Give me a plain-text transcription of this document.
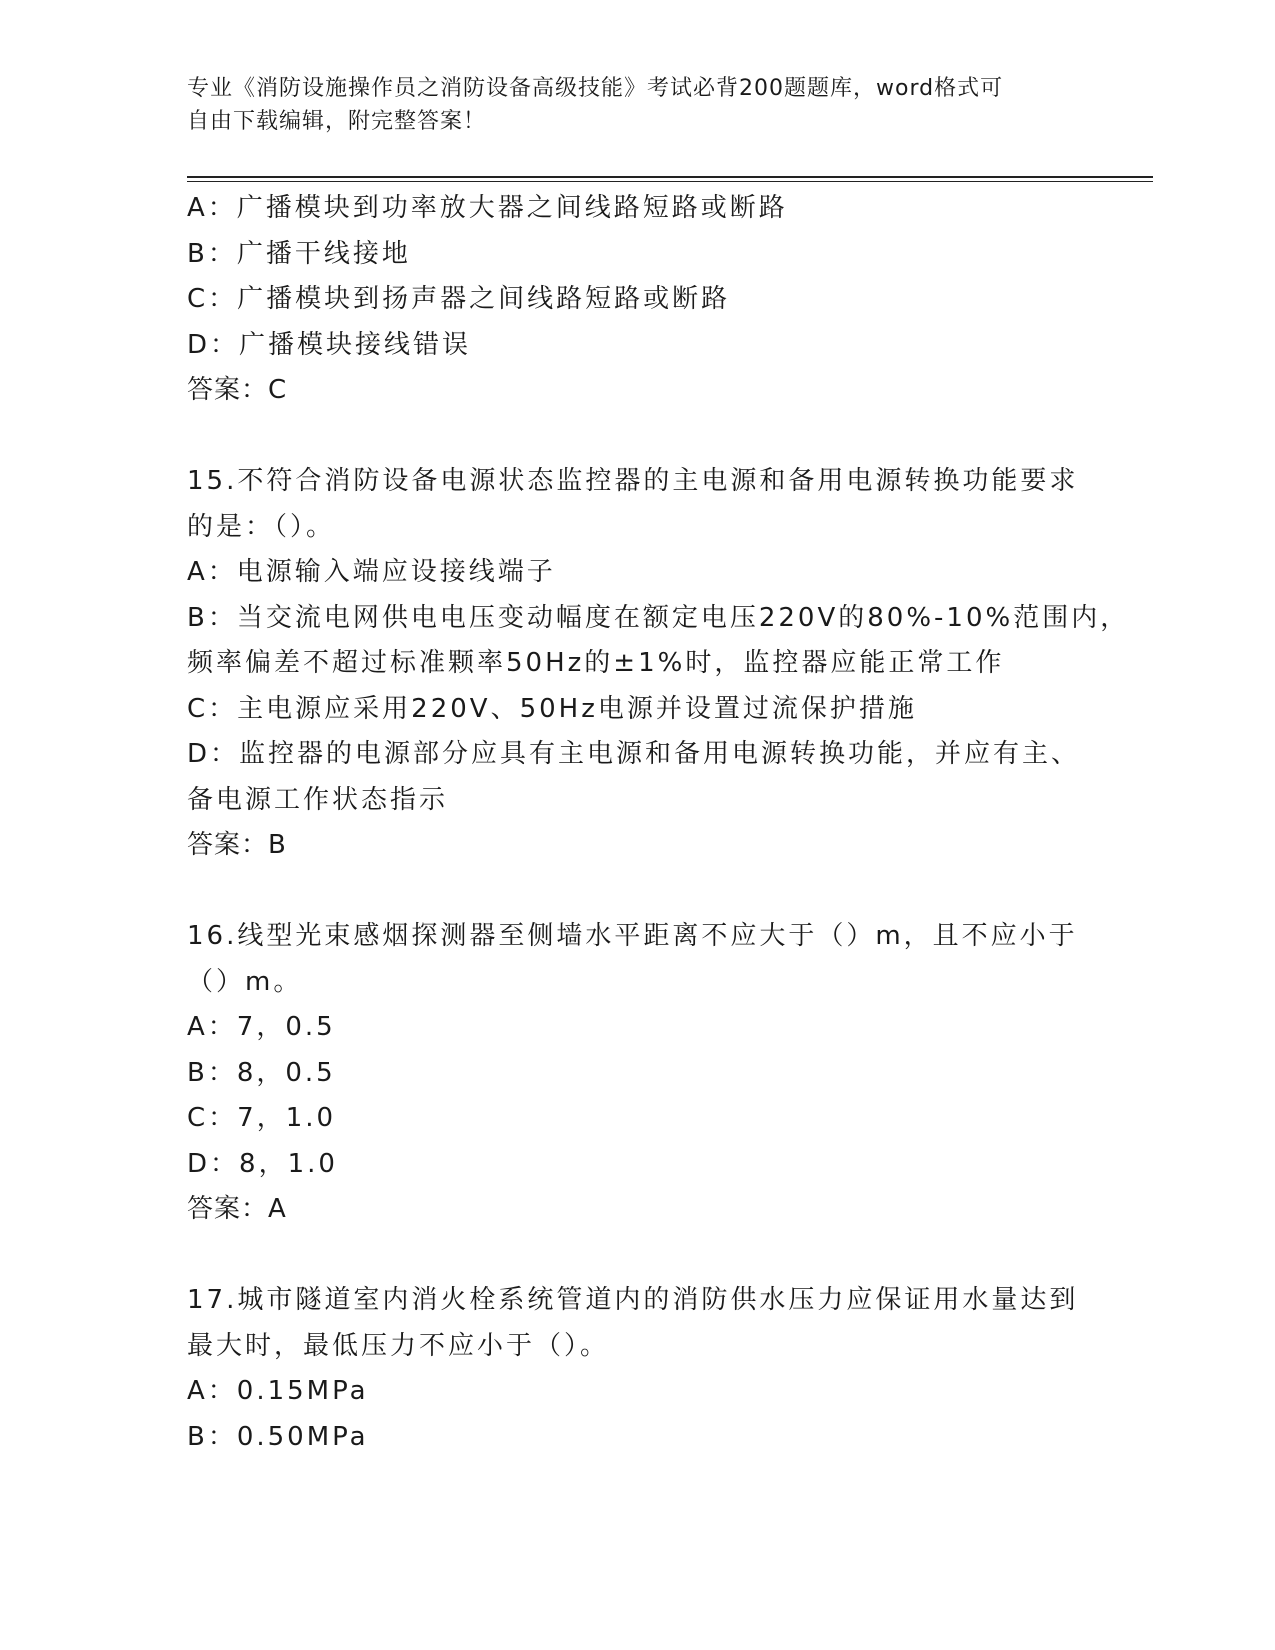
专业《消防设施操作员之消防设备高级技能》考试必背200题题库，word格式可
自由下载编辑，附完整答案！
A：广播模块到功率放大器之间线路短路或断路
B：广播干线接地
C：广播模块到扬声器之间线路短路或断路
D：广播模块接线错误
答案：C
15.不符合消防设备电源状态监控器的主电源和备用电源转换功能要求
的是：（）。
A：电源输入端应设接线端子
B：当交流电网供电电压变动幅度在额定电压220V的80%-10%范围内，
频率偏差不超过标准颗率50Hz的±1%时，监控器应能正常工作
C：主电源应采用220V、50Hz电源并设置过流保护措施
D：监控器的电源部分应具有主电源和备用电源转换功能，并应有主、
备电源工作状态指示
答案：B
16.线型光束感烟探测器至侧墙水平距离不应大于（）m，且不应小于
（）m。
A：7，0.5
B：8，0.5
C：7，1.0
D：8，1.0
答案：A
17.城市隧道室内消火栓系统管道内的消防供水压力应保证用水量达到
最大时，最低压力不应小于（）。
A：0.15MPa
B：0.50MPa
